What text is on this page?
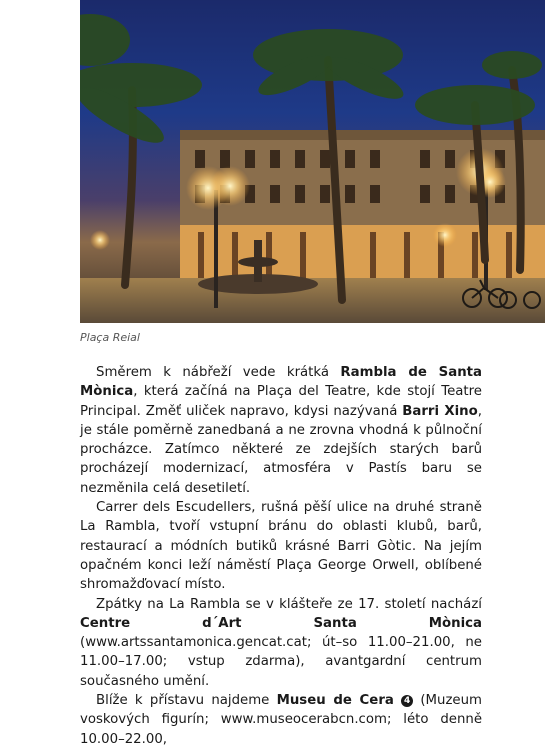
Plaça Reial

Směrem k nábřeží vede krátká Rambla de Santa Mònica, která začíná na Plaça del Teatre, kde stojí Teatre Principal. Změť uliček napravo, kdysi nazývaná Barri Xino, je stále poměrně zanedbaná a ne zrovna vhodná k půlnoční procházce. Zatímco některé ze zdejších starých barů procházejí modernizací, atmosféra v Pastís baru se nezměnila celá desetiletí.

Carrer dels Escudellers, rušná pěší ulice na druhé straně La Rambla, tvoří vstupní bránu do oblasti klubů, barů, restaurací a módních butiků krásné Barri Gòtic. Na jejím opačném konci leží náměstí Plaça George Orwell, oblíbené shromažďovací místo.

Zpátky na La Rambla se v klášteře ze 17. století nachází Centre d´Art Santa Mònica (www.artssantamonica.gencat.cat; út–so 11.00–21.00, ne 11.00–17.00; vstup zdarma), avantgardní centrum současného umění.

Blíže k přístavu najdeme Museu de Cera 4 (Muzeum voskových figurín; www.museocerabcn.com; léto denně 10.00–22.00,
